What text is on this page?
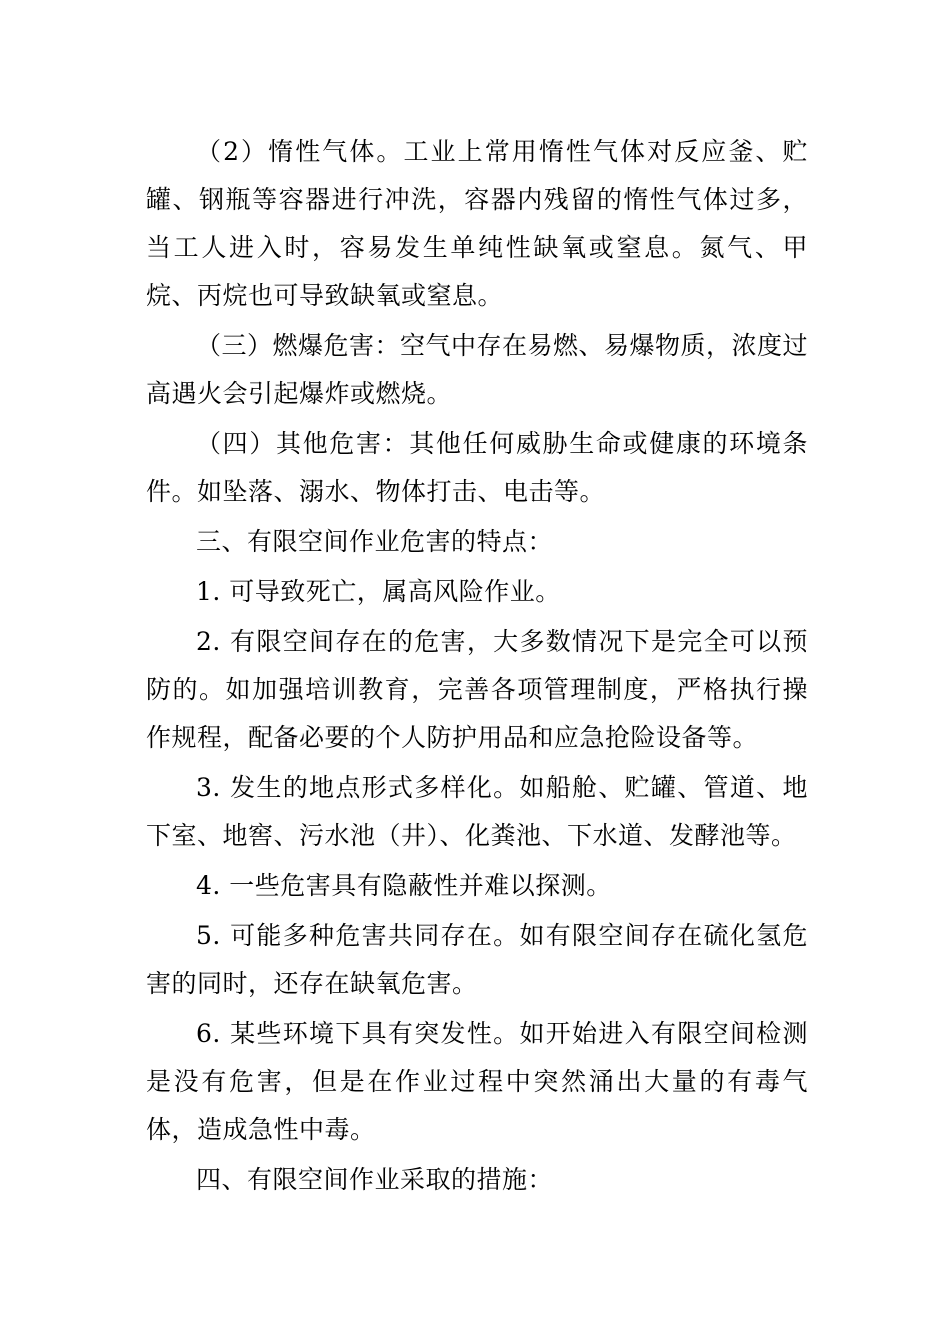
（2）惰性气体。工业上常用惰性气体对反应釜、贮罐、钢瓶等容器进行冲洗，容器内残留的惰性气体过多，当工人进入时，容易发生单纯性缺氧或窒息。氮气、甲烷、丙烷也可导致缺氧或窒息。

（三）燃爆危害：空气中存在易燃、易爆物质，浓度过高遇火会引起爆炸或燃烧。

（四）其他危害：其他任何威胁生命或健康的环境条件。如坠落、溺水、物体打击、电击等。

三、有限空间作业危害的特点：

1. 可导致死亡，属高风险作业。

2. 有限空间存在的危害，大多数情况下是完全可以预防的。如加强培训教育，完善各项管理制度，严格执行操作规程，配备必要的个人防护用品和应急抢险设备等。

3. 发生的地点形式多样化。如船舱、贮罐、管道、地下室、地窖、污水池（井）、化粪池、下水道、发酵池等。

4. 一些危害具有隐蔽性并难以探测。

5. 可能多种危害共同存在。如有限空间存在硫化氢危害的同时，还存在缺氧危害。

6. 某些环境下具有突发性。如开始进入有限空间检测是没有危害，但是在作业过程中突然涌出大量的有毒气体，造成急性中毒。

四、有限空间作业采取的措施：
